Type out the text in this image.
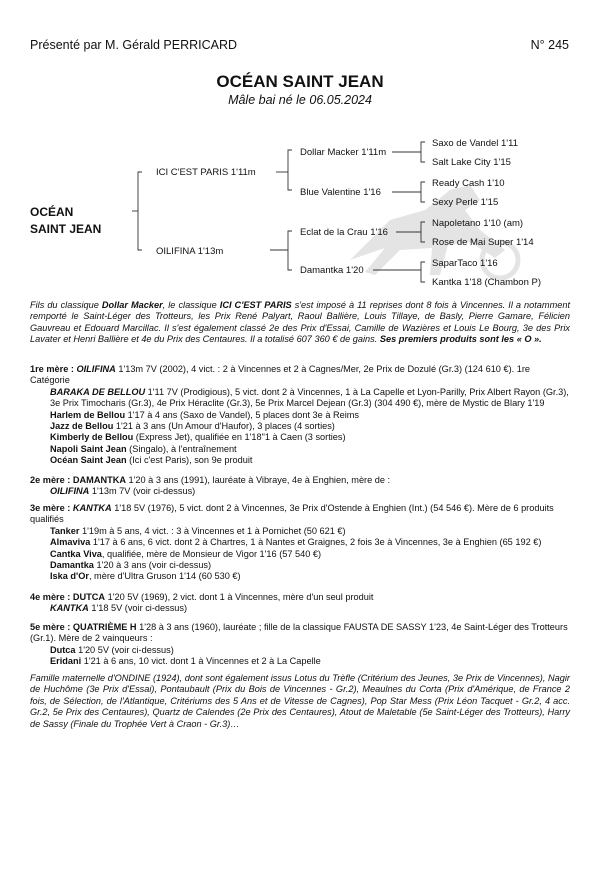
Présenté par M. Gérald PERRICARD	N° 245
OCÉAN SAINT JEAN
Mâle bai né le 06.05.2024
OCÉAN
SAINT JEAN
ICI C'EST PARIS 1'11m
OILIFINA 1'13m
Dollar Macker 1'11m
Blue Valentine 1'16
Eclat de la Crau 1'16
Damantka 1'20
Saxo de Vandel 1'11
Salt Lake City 1'15
Ready Cash 1'10
Sexy Perle 1'15
Napoletano 1'10 (am)
Rose de Mai Super 1'14
SaparTaco 1'16
Kantka 1'18 (Chambon P)
Fils du classique Dollar Macker, le classique ICI C'EST PARIS s'est imposé à 11 reprises dont 8 fois à Vincennes. Il a notamment remporté le Saint-Léger des Trotteurs, les Prix René Palyart, Raoul Ballière, Louis Tillaye, de Basly, Pierre Gamare, Félicien Gauvreau et Edouard Marcillac. Il s'est également classé 2e des Prix d'Essai, Camille de Wazières et Louis Le Bourg, 3e des Prix Lavater et Henri Ballière et 4e du Prix des Centaures. Il a totalisé 607 360 € de gains. Ses premiers produits sont les « O ».
1re mère : OILIFINA 1'13m 7V (2002), 4 vict. : 2 à Vincennes et 2 à Cagnes/Mer, 2e Prix de Dozulé (Gr.3) (124 610 €). 1re Catégorie
BARAKA DE BELLOU 1'11 7V (Prodigious), 5 vict. dont 2 à Vincennes, 1 à La Capelle et Lyon-Parilly, Prix Albert Rayon (Gr.3), 3e Prix Timocharis (Gr.3), 4e Prix Héraclite (Gr.3), 5e Prix Marcel Dejean (Gr.3) (304 490 €), mère de Mystic de Blary 1'19
Harlem de Bellou 1'17 à 4 ans (Saxo de Vandel), 5 places dont 3e à Reims
Jazz de Bellou 1'21 à 3 ans (Un Amour d'Haufor), 3 places (4 sorties)
Kimberly de Bellou (Express Jet), qualifiée en 1'18"1 à Caen (3 sorties)
Napoli Saint Jean (Singalo), à l'entraînement
Océan Saint Jean (Ici c'est Paris), son 9e produit
2e mère : DAMANTKA 1'20 à 3 ans (1991), lauréate à Vibraye, 4e à Enghien, mère de :
OILIFINA 1'13m 7V (voir ci-dessus)
3e mère : KANTKA 1'18 5V (1976), 5 vict. dont 2 à Vincennes, 3e Prix d'Ostende à Enghien (Int.) (54 546 €). Mère de 6 produits qualifiés
Tanker 1'19m à 5 ans, 4 vict. : 3 à Vincennes et 1 à Pornichet (50 621 €)
Almaviva 1'17 à 6 ans, 6 vict. dont 2 à Chartres, 1 à Nantes et Graignes, 2 fois 3e à Vincennes, 3e à Enghien (65 192 €)
Cantka Viva, qualifiée, mère de Monsieur de Vigor 1'16 (57 540 €)
Damantka 1'20 à 3 ans (voir ci-dessus)
Iska d'Or, mère d'Ultra Gruson 1'14 (60 530 €)
4e mère : DUTCA 1'20 5V (1969), 2 vict. dont 1 à Vincennes, mère d'un seul produit
KANTKA 1'18 5V (voir ci-dessus)
5e mère : QUATRIÈME H 1'28 à 3 ans (1960), lauréate ; fille de la classique FAUSTA DE SASSY 1'23, 4e Saint-Léger des Trotteurs (Gr.1). Mère de 2 vainqueurs :
Dutca 1'20 5V (voir ci-dessus)
Eridani 1'21 à 6 ans, 10 vict. dont 1 à Vincennes et 2 à La Capelle
Famille maternelle d'ONDINE (1924), dont sont également issus Lotus du Trèfle (Critérium des Jeunes, 3e Prix de Vincennes), Nagir de Huchôme (3e Prix d'Essai), Pontaubault (Prix du Bois de Vincennes - Gr.2), Meaulnes du Corta (Prix d'Amérique, de France 2 fois, de Sélection, de l'Atlantique, Critériums des 5 Ans et de Vitesse de Cagnes), Pop Star Mess (Prix Léon Tacquet - Gr.2, 4 acc. Gr.2, 5e Prix des Centaures), Quartz de Calendes (2e Prix des Centaures), Atout de Maletable (5e Saint-Léger des Trotteurs), Harry de Sassy (Finale du Trophée Vert à Craon - Gr.3)…
